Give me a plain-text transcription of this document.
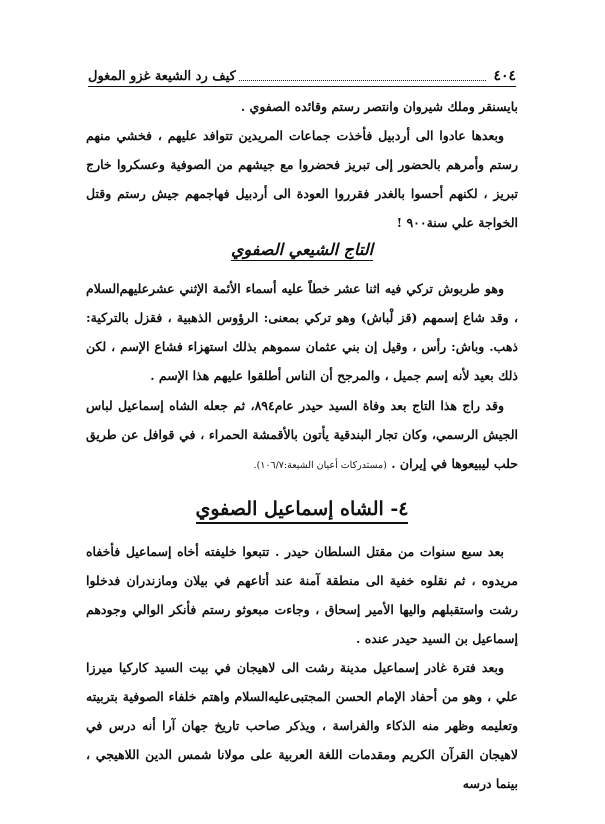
٤٠٤
كيف رد الشيعة غزو المغول

بايسنقر وملك شيروان وانتصر رستم وقائده الصفوي .

وبعدها عادوا الى أردبيل فأخذت جماعات المريدين تتوافد عليهم ، فخشي منهم رستم وأمرهم بالحضور إلى تبريز فحضروا مع جيشهم من الصوفية وعسكروا خارج تبريز ، لكنهم أحسوا بالغدر فقرروا العودة الى أردبيل فهاجمهم جيش رستم وقتل الخواجة علي سنة٩٠٠ !

التاج الشيعي الصفوي

وهو طربوش تركي فيه اثنا عشر خطاً عليه أسماء الأئمة الإثني عشر‌عليهم‌السلام ، وقد شاع إسمهم (قز لْباش) وهو تركي بمعنى: الرؤوس الذهبية ، فقزل بالتركية: ذهب. وباش: رأس ، وقيل إن بني عثمان سموهم بذلك استهزاء فشاع الإسم ، لكن ذلك بعيد لأنه إسم جميل ، والمرجح أن الناس أطلقوا عليهم هذا الإسم .

وقد راج هذا التاج بعد وفاة السيد حيدر عام٨٩٤، ثم جعله الشاه إسماعيل لباس الجيش الرسمي، وكان تجار البندقية يأتون بالأقمشة الحمراء ، في قوافل عن طريق حلب ليبيعوها في إيران . (مستدركات أعيان الشيعة:١٠٦/٧).

٤- الشاه إسماعيل الصفوي

بعد سبع سنوات من مقتل السلطان حيدر . تتبعوا خليفته أخاه إسماعيل فأخفاه مريدوه ، ثم نقلوه خفية الى منطقة آمنة عند أتاعهم في بيلان ومازندران فدخلوا رشت واستقبلهم واليها الأمير إسحاق ، وجاءت مبعوثو رستم فأنكر الوالي وجودهم إسماعيل بن السيد حيدر عنده .

وبعد فترة غادر إسماعيل مدينة رشت الى لاهيجان في بيت السيد كاركيا ميرزا علي ، وهو من أحفاد الإمام الحسن المجتبى‌عليه‌السلام واهتم خلفاء الصوفية بتربيته وتعليمه وظهر منه الذكاء والفراسة ، ويذكر صاحب تاريخ جهان آرا أنه درس في لاهيجان القرآن الكريم ومقدمات اللغة العربية على مولانا شمس الدين اللاهيجي ، بينما درسه
